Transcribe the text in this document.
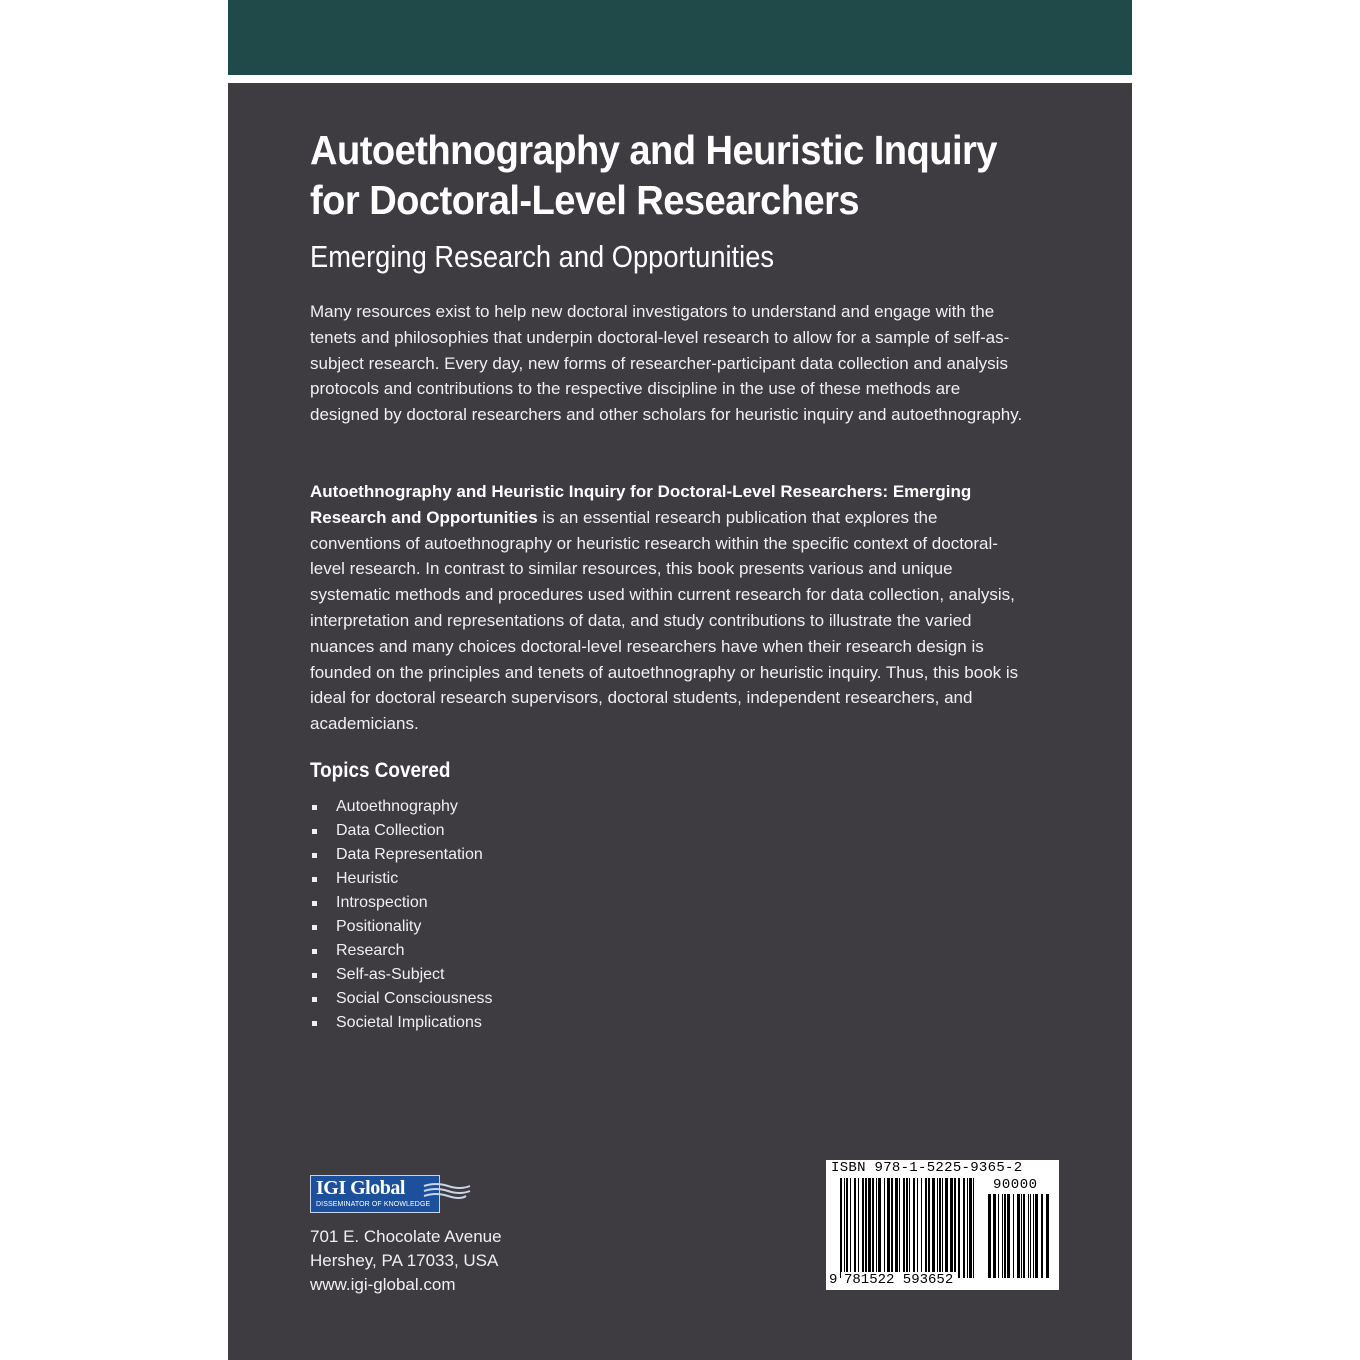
Autoethnography and Heuristic Inquiry
for Doctoral-Level Researchers
Emerging Research and Opportunities

Many resources exist to help new doctoral investigators to understand and engage with the tenets and philosophies that underpin doctoral-level research to allow for a sample of self-as-subject research. Every day, new forms of researcher-participant data collection and analysis protocols and contributions to the respective discipline in the use of these methods are designed by doctoral researchers and other scholars for heuristic inquiry and autoethnography.

Autoethnography and Heuristic Inquiry for Doctoral-Level Researchers: Emerging Research and Opportunities is an essential research publication that explores the conventions of autoethnography or heuristic research within the specific context of doctoral-level research. In contrast to similar resources, this book presents various and unique systematic methods and procedures used within current research for data collection, analysis, interpretation and representations of data, and study contributions to illustrate the varied nuances and many choices doctoral-level researchers have when their research design is founded on the principles and tenets of autoethnography or heuristic inquiry. Thus, this book is ideal for doctoral research supervisors, doctoral students, independent researchers, and academicians.

Topics Covered
Autoethnography
Data Collection
Data Representation
Heuristic
Introspection
Positionality
Research
Self-as-Subject
Social Consciousness
Societal Implications
IGI Global
DISSEMINATOR OF KNOWLEDGE
701 E. Chocolate Avenue
Hershey, PA 17033, USA
www.igi-global.com
ISBN 978-1-5225-9365-2
90000
9 781522 593652
